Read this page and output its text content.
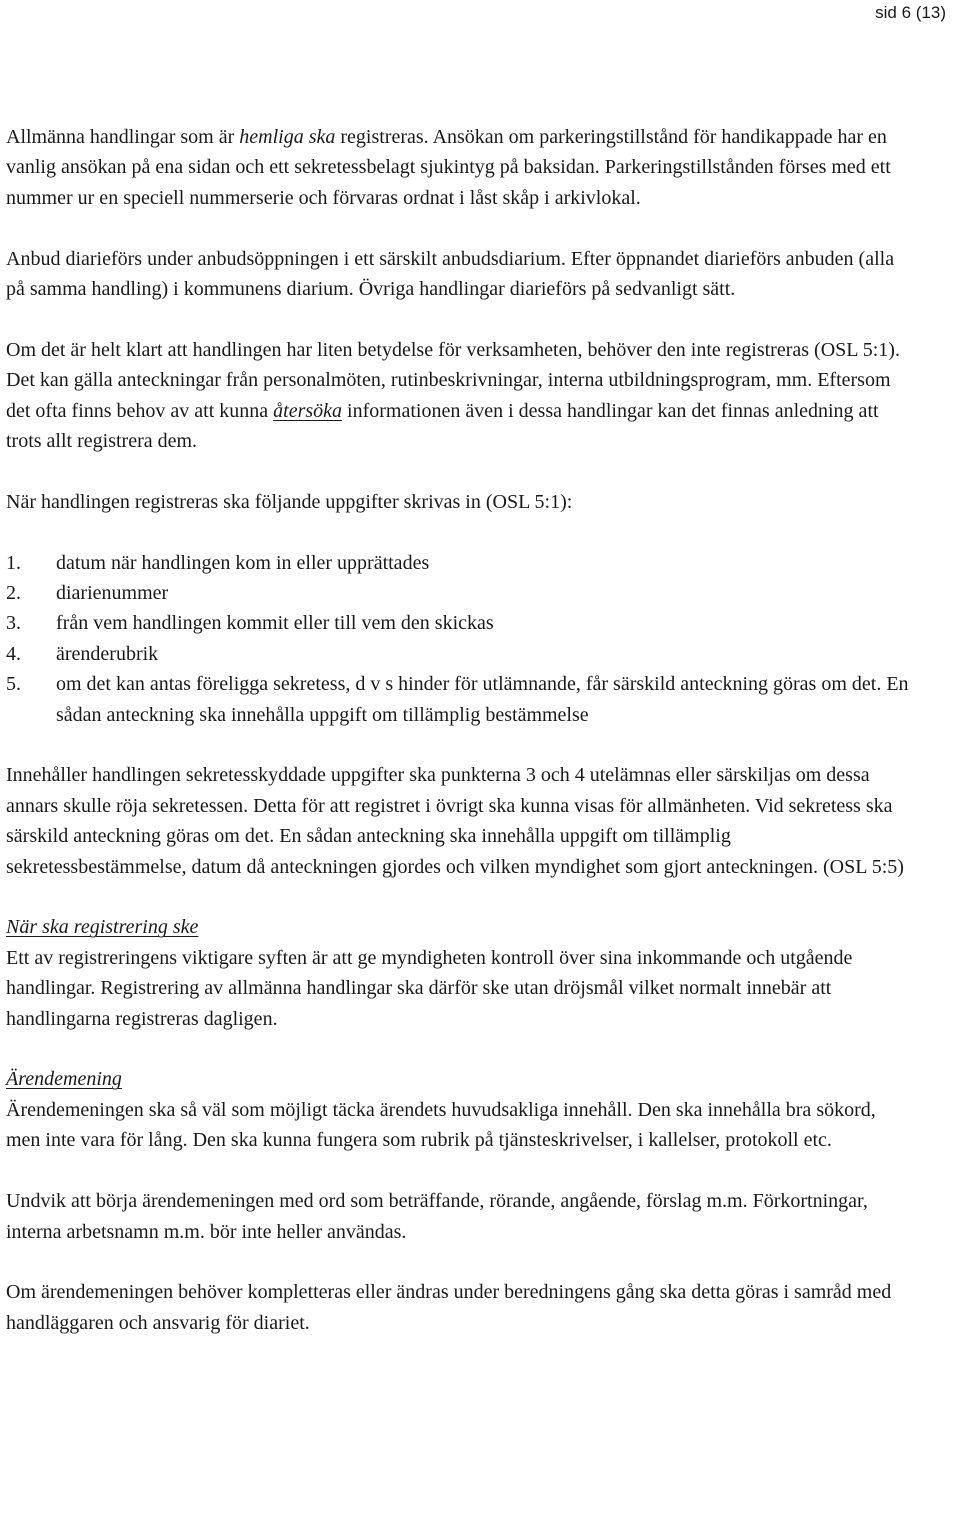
sid 6 (13)

Allmänna handlingar som är hemliga ska registreras. Ansökan om parkeringstillstånd för handikappade har en vanlig ansökan på ena sidan och ett sekretessbelagt sjukintyg på baksidan. Parkeringstillstånden förses med ett nummer ur en speciell nummerserie och förvaras ordnat i låst skåp i arkivlokal.

Anbud diarieförs under anbudsöppningen i ett särskilt anbudsdiarium. Efter öppnandet diarieförs anbuden (alla på samma handling) i kommunens diarium. Övriga handlingar diarieförs på sedvanligt sätt.

Om det är helt klart att handlingen har liten betydelse för verksamheten, behöver den inte registreras (OSL 5:1). Det kan gälla anteckningar från personalmöten, rutinbeskrivningar, interna utbildningsprogram, mm. Eftersom det ofta finns behov av att kunna återsöka informationen även i dessa handlingar kan det finnas anledning att trots allt registrera dem.

När handlingen registreras ska följande uppgifter skrivas in (OSL 5:1):

1. datum när handlingen kom in eller upprättades
2. diarienummer
3. från vem handlingen kommit eller till vem den skickas
4. ärenderubrik
5. om det kan antas föreligga sekretess, d v s hinder för utlämnande, får särskild anteckning göras om det. En sådan anteckning ska innehålla uppgift om tillämplig bestämmelse

Innehåller handlingen sekretesskyddade uppgifter ska punkterna 3 och 4 utelämnas eller särskiljas om dessa annars skulle röja sekretessen. Detta för att registret i övrigt ska kunna visas för allmänheten. Vid sekretess ska särskild anteckning göras om det. En sådan anteckning ska innehålla uppgift om tillämplig sekretessbestämmelse, datum då anteckningen gjordes och vilken myndighet som gjort anteckningen. (OSL 5:5)

När ska registrering ske

Ett av registreringens viktigare syften är att ge myndigheten kontroll över sina inkommande och utgående handlingar. Registrering av allmänna handlingar ska därför ske utan dröjsmål vilket normalt innebär att handlingarna registreras dagligen.

Ärendemening

Ärendemeningen ska så väl som möjligt täcka ärendets huvudsakliga innehåll. Den ska innehålla bra sökord, men inte vara för lång. Den ska kunna fungera som rubrik på tjänsteskrivelser, i kallelser, protokoll etc.

Undvik att börja ärendemeningen med ord som beträffande, rörande, angående, förslag m.m. Förkortningar, interna arbetsnamn m.m. bör inte heller användas.

Om ärendemeningen behöver kompletteras eller ändras under beredningens gång ska detta göras i samråd med handläggaren och ansvarig för diariet.
